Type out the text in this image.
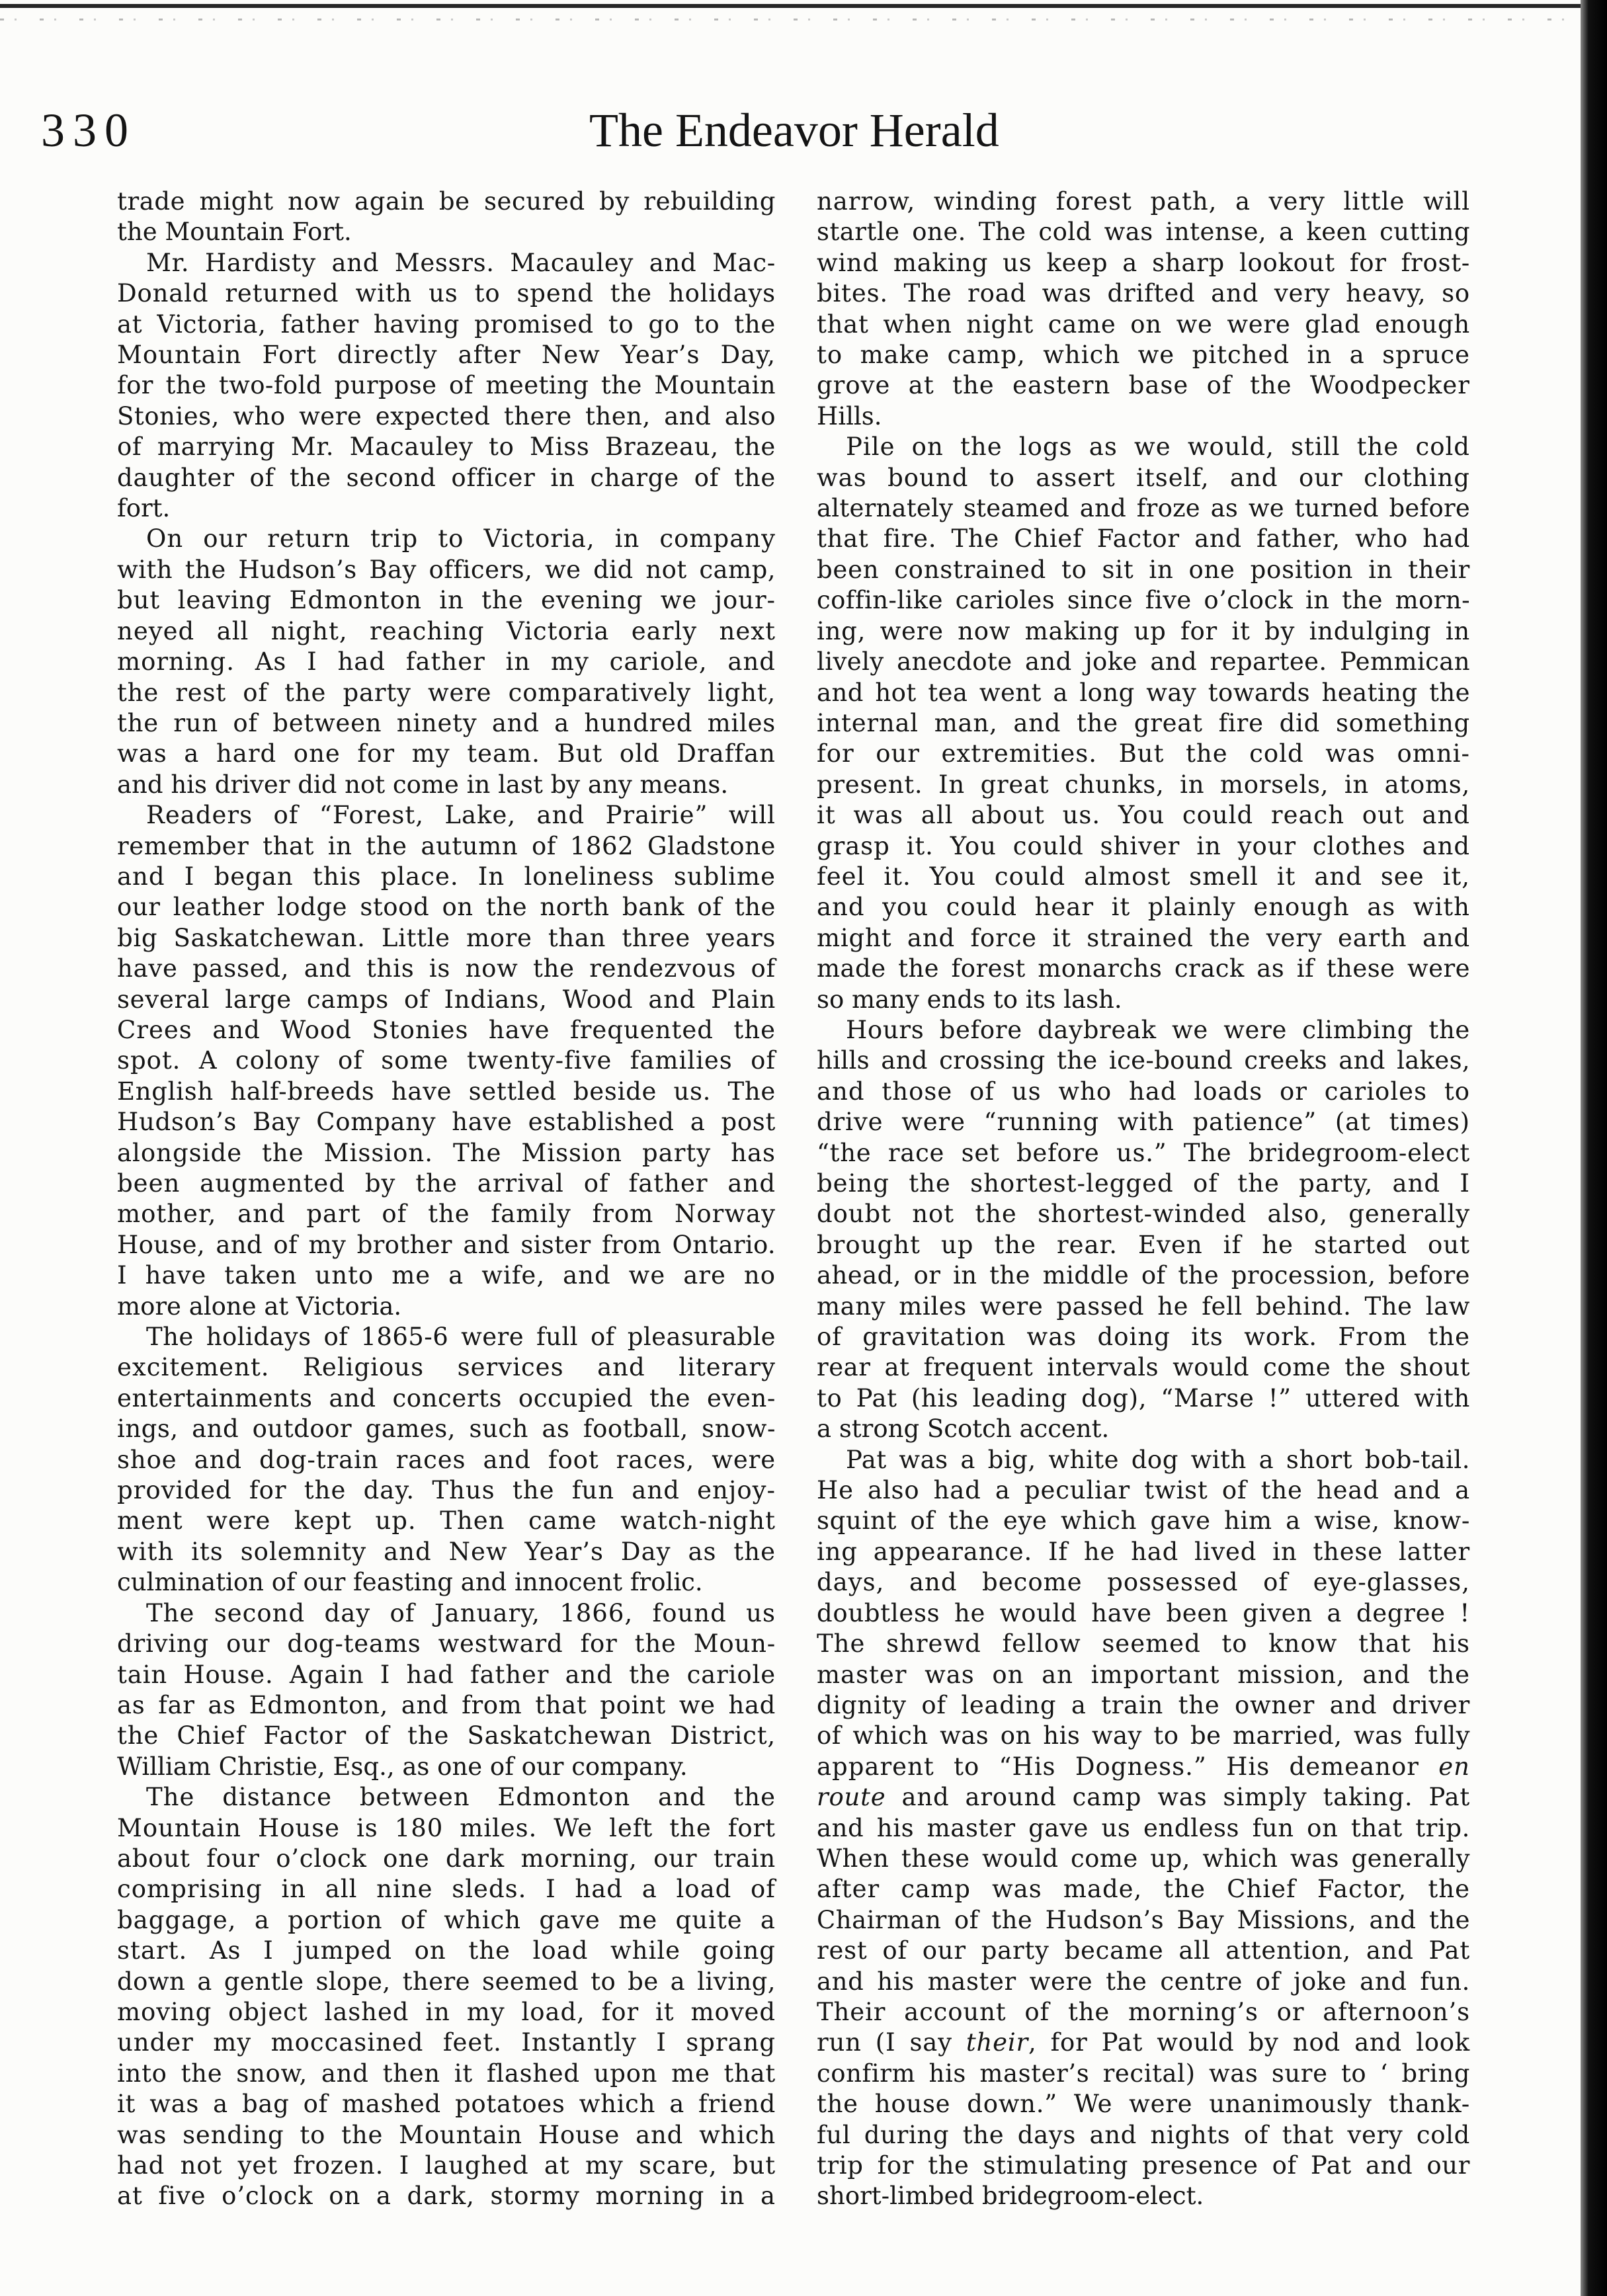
330	The Endeavor Herald
trade might now again be secured by rebuilding
the Mountain Fort.
Mr. Hardisty and Messrs. Macauley and Mac-
Donald returned with us to spend the holidays
at Victoria, father having promised to go to the
Mountain Fort directly after New Year’s Day,
for the two-fold purpose of meeting the Mountain
Stonies, who were expected there then, and also
of marrying Mr. Macauley to Miss Brazeau, the
daughter of the second officer in charge of the
fort.
On our return trip to Victoria, in company
with the Hudson’s Bay officers, we did not camp,
but leaving Edmonton in the evening we jour-
neyed all night, reaching Victoria early next
morning. As I had father in my cariole, and
the rest of the party were comparatively light,
the run of between ninety and a hundred miles
was a hard one for my team. But old Draffan
and his driver did not come in last by any means.
Readers of “Forest, Lake, and Prairie” will
remember that in the autumn of 1862 Gladstone
and I began this place. In loneliness sublime
our leather lodge stood on the north bank of the
big Saskatchewan. Little more than three years
have passed, and this is now the rendezvous of
several large camps of Indians, Wood and Plain
Crees and Wood Stonies have frequented the
spot. A colony of some twenty-five families of
English half-breeds have settled beside us. The
Hudson’s Bay Company have established a post
alongside the Mission. The Mission party has
been augmented by the arrival of father and
mother, and part of the family from Norway
House, and of my brother and sister from Ontario.
I have taken unto me a wife, and we are no
more alone at Victoria.
The holidays of 1865-6 were full of pleasurable
excitement. Religious services and literary
entertainments and concerts occupied the even-
ings, and outdoor games, such as football, snow-
shoe and dog-train races and foot races, were
provided for the day. Thus the fun and enjoy-
ment were kept up. Then came watch-night
with its solemnity and New Year’s Day as the
culmination of our feasting and innocent frolic.
The second day of January, 1866, found us
driving our dog-teams westward for the Moun-
tain House. Again I had father and the cariole
as far as Edmonton, and from that point we had
the Chief Factor of the Saskatchewan District,
William Christie, Esq., as one of our company.
The distance between Edmonton and the
Mountain House is 180 miles. We left the fort
about four o’clock one dark morning, our train
comprising in all nine sleds. I had a load of
baggage, a portion of which gave me quite a
start. As I jumped on the load while going
down a gentle slope, there seemed to be a living,
moving object lashed in my load, for it moved
under my moccasined feet. Instantly I sprang
into the snow, and then it flashed upon me that
it was a bag of mashed potatoes which a friend
was sending to the Mountain House and which
had not yet frozen. I laughed at my scare, but
at five o’clock on a dark, stormy morning in a
narrow, winding forest path, a very little will
startle one. The cold was intense, a keen cutting
wind making us keep a sharp lookout for frost-
bites. The road was drifted and very heavy, so
that when night came on we were glad enough
to make camp, which we pitched in a spruce
grove at the eastern base of the Woodpecker
Hills.
Pile on the logs as we would, still the cold
was bound to assert itself, and our clothing
alternately steamed and froze as we turned before
that fire. The Chief Factor and father, who had
been constrained to sit in one position in their
coffin-like carioles since five o’clock in the morn-
ing, were now making up for it by indulging in
lively anecdote and joke and repartee. Pemmican
and hot tea went a long way towards heating the
internal man, and the great fire did something
for our extremities. But the cold was omni-
present. In great chunks, in morsels, in atoms,
it was all about us. You could reach out and
grasp it. You could shiver in your clothes and
feel it. You could almost smell it and see it,
and you could hear it plainly enough as with
might and force it strained the very earth and
made the forest monarchs crack as if these were
so many ends to its lash.
Hours before daybreak we were climbing the
hills and crossing the ice-bound creeks and lakes,
and those of us who had loads or carioles to
drive were “running with patience” (at times)
“the race set before us.” The bridegroom-elect
being the shortest-legged of the party, and I
doubt not the shortest-winded also, generally
brought up the rear. Even if he started out
ahead, or in the middle of the procession, before
many miles were passed he fell behind. The law
of gravitation was doing its work. From the
rear at frequent intervals would come the shout
to Pat (his leading dog), “Marse !” uttered with
a strong Scotch accent.
Pat was a big, white dog with a short bob-tail.
He also had a peculiar twist of the head and a
squint of the eye which gave him a wise, know-
ing appearance. If he had lived in these latter
days, and become possessed of eye-glasses,
doubtless he would have been given a degree !
The shrewd fellow seemed to know that his
master was on an important mission, and the
dignity of leading a train the owner and driver
of which was on his way to be married, was fully
apparent to “His Dogness.” His demeanor en
route and around camp was simply taking. Pat
and his master gave us endless fun on that trip.
When these would come up, which was generally
after camp was made, the Chief Factor, the
Chairman of the Hudson’s Bay Missions, and the
rest of our party became all attention, and Pat
and his master were the centre of joke and fun.
Their account of the morning’s or afternoon’s
run (I say their, for Pat would by nod and look
confirm his master’s recital) was sure to ‘ bring
the house down.” We were unanimously thank-
ful during the days and nights of that very cold
trip for the stimulating presence of Pat and our
short-limbed bridegroom-elect.
